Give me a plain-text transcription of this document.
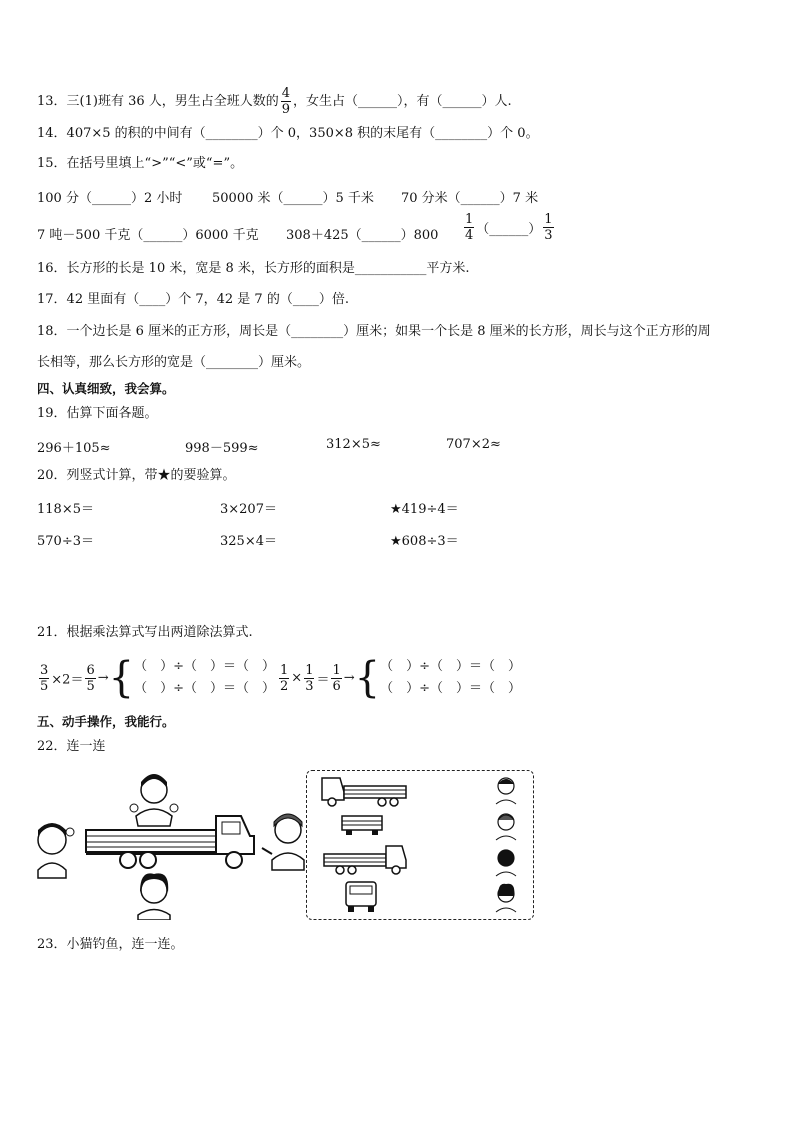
13．三(1)班有 36 人，男生占全班人数的 $\frac{4}{9}$ ，女生占（______），有（______）人.
14．407×5 的积的中间有（________）个 0，350×8 积的末尾有（________）个 0。
15．在括号里填上“>”“<”或“=”。
100 分（______）2 小时 50000 米（______）5 千米 70 分米（______）7 米
7 吨－500 千克（______）6000 千克 308＋425（______）800 $\frac{1}{4}$ （______） $\frac{1}{3}$
16．长方形的长是 10 米，宽是 8 米，长方形的面积是___________平方米.
17．42 里面有（____）个 7，42 是 7 的（____）倍.
18．一个边长是 6 厘米的正方形，周长是（________）厘米；如果一个长是 8 厘米的长方形，周长与这个正方形的周
长相等，那么长方形的宽是（________）厘米。
四、认真细致，我会算。
19．估算下面各题。
296＋105≈	998－599≈	312×5≈	707×2≈
20．列竖式计算，带★的要验算。
118×5＝	3×207＝	★419÷4＝
570÷3＝	325×4＝	★608÷3＝
21．根据乘法算式写出两道除法算式.
$\frac{3}{5} \times 2= \frac{6}{5}$ →{ （　）÷（　）＝（　）
（　）÷（　）＝（　） $\frac{1}{2} \times \frac{1}{3} = \frac{1}{6}$ →{ （　）÷（　）＝（　）
（　）÷（　）＝（　）
五、动手操作，我能行。
22．连一连
23．小猫钓鱼，连一连。
